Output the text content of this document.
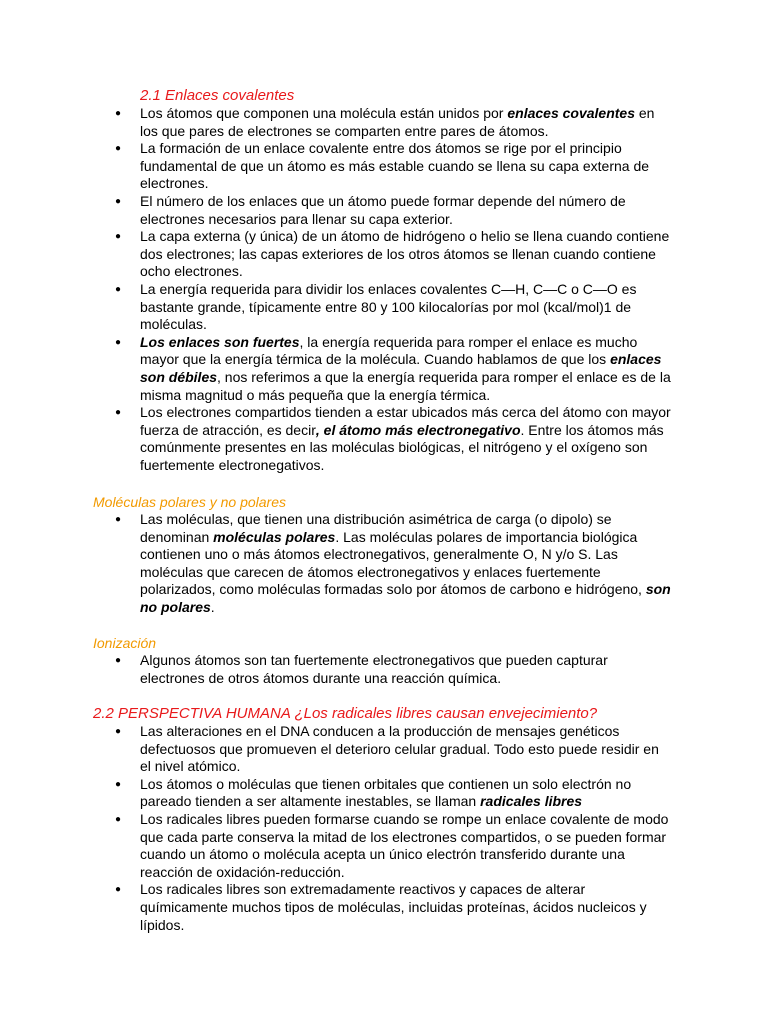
2.1 Enlaces covalentes
● Los átomos que componen una molécula están unidos por enlaces covalentes en los que pares de electrones se comparten entre pares de átomos.
● La formación de un enlace covalente entre dos átomos se rige por el principio fundamental de que un átomo es más estable cuando se llena su capa externa de electrones.
● El número de los enlaces que un átomo puede formar depende del número de electrones necesarios para llenar su capa exterior.
● La capa externa (y única) de un átomo de hidrógeno o helio se llena cuando contiene dos electrones; las capas exteriores de los otros átomos se llenan cuando contiene ocho electrones.
● La energía requerida para dividir los enlaces covalentes C—H, C—C o C—O es bastante grande, típicamente entre 80 y 100 kilocalorías por mol (kcal/mol)1 de moléculas.
● Los enlaces son fuertes, la energía requerida para romper el enlace es mucho mayor que la energía térmica de la molécula. Cuando hablamos de que los enlaces son débiles, nos referimos a que la energía requerida para romper el enlace es de la misma magnitud o más pequeña que la energía térmica.
● Los electrones compartidos tienden a estar ubicados más cerca del átomo con mayor fuerza de atracción, es decir, el átomo más electronegativo. Entre los átomos más comúnmente presentes en las moléculas biológicas, el nitrógeno y el oxígeno son fuertemente electronegativos.
Moléculas polares y no polares
● Las moléculas, que tienen una distribución asimétrica de carga (o dipolo) se denominan moléculas polares. Las moléculas polares de importancia biológica contienen uno o más átomos electronegativos, generalmente O, N y/o S. Las moléculas que carecen de átomos electronegativos y enlaces fuertemente polarizados, como moléculas formadas solo por átomos de carbono e hidrógeno, son no polares.
Ionización
● Algunos átomos son tan fuertemente electronegativos que pueden capturar electrones de otros átomos durante una reacción química.
2.2 PERSPECTIVA HUMANA ¿Los radicales libres causan envejecimiento?
● Las alteraciones en el DNA conducen a la producción de mensajes genéticos defectuosos que promueven el deterioro celular gradual. Todo esto puede residir en el nivel atómico.
● Los átomos o moléculas que tienen orbitales que contienen un solo electrón no pareado tienden a ser altamente inestables, se llaman radicales libres
● Los radicales libres pueden formarse cuando se rompe un enlace covalente de modo que cada parte conserva la mitad de los electrones compartidos, o se pueden formar cuando un átomo o molécula acepta un único electrón transferido durante una reacción de oxidación-reducción.
● Los radicales libres son extremadamente reactivos y capaces de alterar químicamente muchos tipos de moléculas, incluidas proteínas, ácidos nucleicos y lípidos.
